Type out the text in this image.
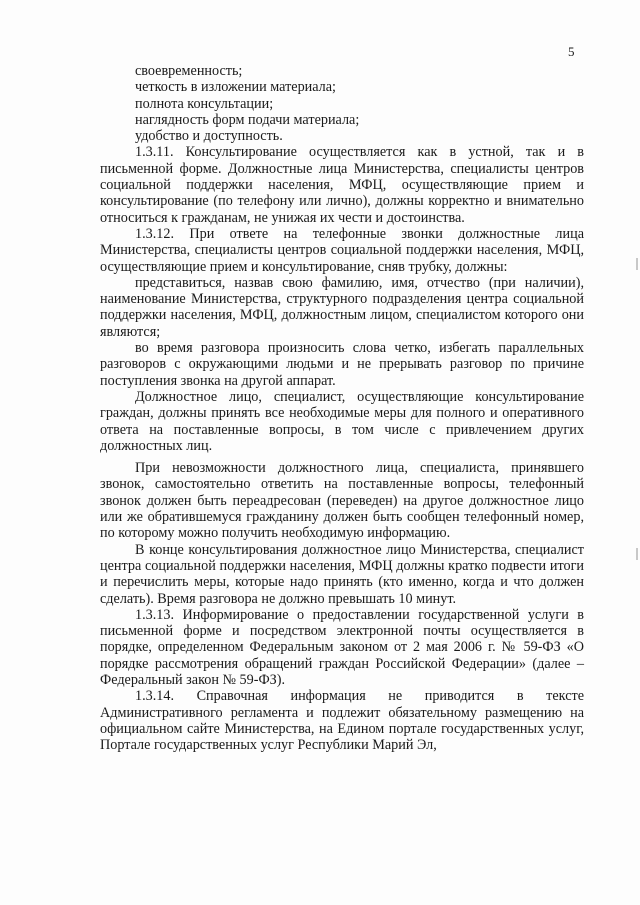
5

своевременность;

четкость в изложении материала;

полнота консультации;

наглядность форм подачи материала;

удобство и доступность.

1.3.11. Консультирование осуществляется как в устной, так и в письменной форме. Должностные лица Министерства, специалисты центров социальной поддержки населения, МФЦ, осуществляющие прием и консультирование (по телефону или лично), должны корректно и внимательно относиться к гражданам, не унижая их чести и достоинства.

1.3.12. При ответе на телефонные звонки должностные лица Министерства, специалисты центров социальной поддержки населения, МФЦ, осуществляющие прием и консультирование, сняв трубку, должны:

представиться, назвав свою фамилию, имя, отчество (при наличии), наименование Министерства, структурного подразделения центра социальной поддержки населения, МФЦ, должностным лицом, специалистом которого они являются;

во время разговора произносить слова четко, избегать параллельных разговоров с окружающими людьми и не прерывать разговор по причине поступления звонка на другой аппарат.

Должностное лицо, специалист, осуществляющие консультирование граждан, должны принять все необходимые меры для полного и оперативного ответа на поставленные вопросы, в том числе с привлечением других должностных лиц.

При невозможности должностного лица, специалиста, принявшего звонок, самостоятельно ответить на поставленные вопросы, телефонный звонок должен быть переадресован (переведен) на другое должностное лицо или же обратившемуся гражданину должен быть сообщен телефонный номер, по которому можно получить необходимую информацию.

В конце консультирования должностное лицо Министерства, специалист центра социальной поддержки населения, МФЦ должны кратко подвести итоги и перечислить меры, которые надо принять (кто именно, когда и что должен сделать). Время разговора не должно превышать 10 минут.

1.3.13. Информирование о предоставлении государственной услуги в письменной форме и посредством электронной почты осуществляется в порядке, определенном Федеральным законом от 2 мая 2006 г. № 59-ФЗ «О порядке рассмотрения обращений граждан Российской Федерации» (далее – Федеральный закон № 59-ФЗ).

1.3.14. Справочная информация не приводится в тексте Административного регламента и подлежит обязательному размещению на официальном сайте Министерства, на Едином портале государственных услуг, Портале государственных услуг Республики Марий Эл,
